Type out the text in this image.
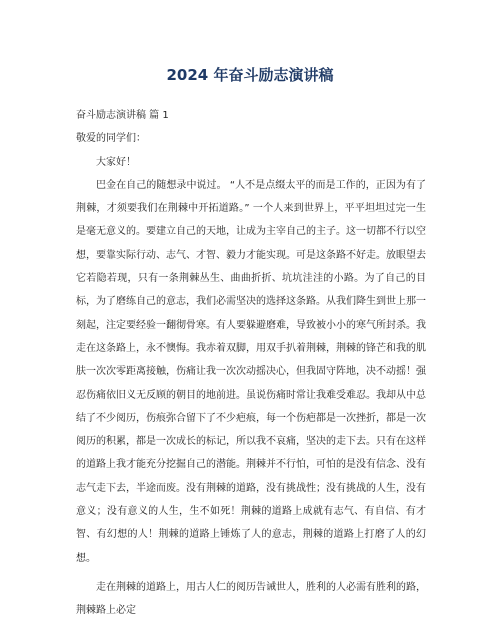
2024 年奋斗励志演讲稿

奋斗励志演讲稿 篇 1

敬爱的同学们：

大家好！

巴金在自己的随想录中说过。 “人不是点缀太平的而是工作的，正因为有了荆棘，才须要我们在荆棘中开拓道路。” 一个人来到世界上，平平坦坦过完一生是毫无意义的。要建立自己的天地，让成为主宰自己的主子。这一切都不行以空想，要靠实际行动、志气、才智、毅力才能实现。可是这条路不好走。放眼望去它若隐若现，只有一条荆棘丛生、曲曲折折、坑坑洼洼的小路。为了自己的目标，为了磨练自己的意志，我们必需坚决的选择这条路。从我们降生到世上那一刻起，注定要经验一翻彻骨寒。有人要躲避磨难，导致被小小的寒气所封杀。我走在这条路上，永不懊悔。我赤着双脚，用双手扒着荆棘，荆棘的锋芒和我的肌肤一次次零距离接触，伤痛让我一次次动摇决心，但我固守阵地，决不动摇！强忍伤痛依旧义无反顾的朝目的地前进。虽说伤痛时常让我难受难忍。我却从中总结了不少阅历，伤痕弥合留下了不少疤痕，每一个伤疤都是一次挫折，都是一次阅历的积累，都是一次成长的标记，所以我不哀痛，坚决的走下去。只有在这样的道路上我才能充分挖掘自己的潜能。荆棘并不行怕，可怕的是没有信念、没有志气走下去，半途而废。没有荆棘的道路，没有挑战性；没有挑战的人生，没有意义；没有意义的人生，生不如死！荆棘的道路上成就有志气、有自信、有才智、有幻想的人！荆棘的道路上锤炼了人的意志，荆棘的道路上打磨了人的幻想。

走在荆棘的道路上，用古人仁的阅历告诫世人，胜利的人必需有胜利的路，荆棘路上必定
